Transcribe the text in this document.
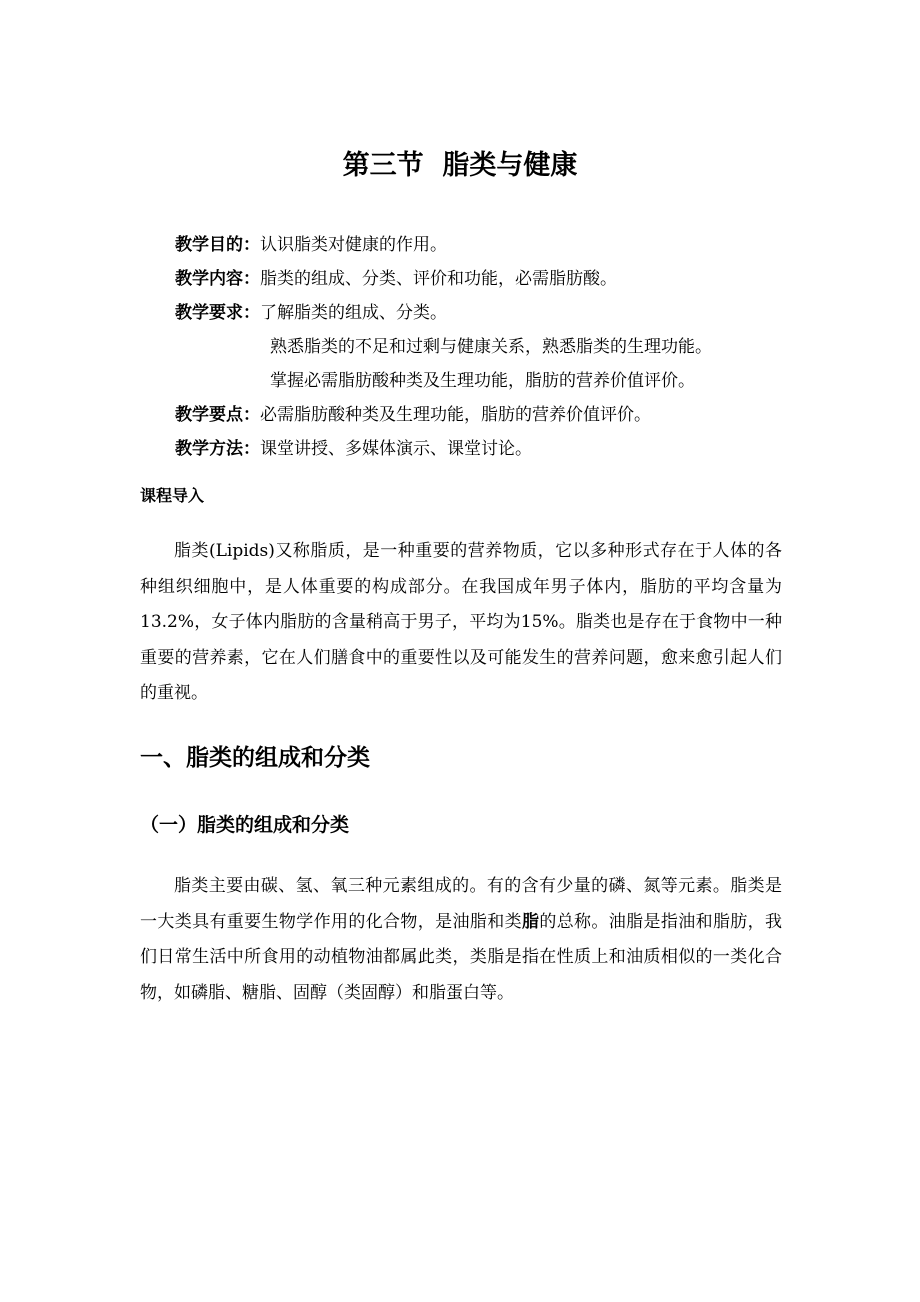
第三节  脂类与健康
教学目的： 认识脂类对健康的作用。
教学内容： 脂类的组成、分类、评价和功能，必需脂肪酸。
教学要求： 了解脂类的组成、分类。
熟悉脂类的不足和过剩与健康关系，熟悉脂类的生理功能。
掌握必需脂肪酸种类及生理功能，脂肪的营养价值评价。
教学要点： 必需脂肪酸种类及生理功能，脂肪的营养价值评价。
教学方法： 课堂讲授、多媒体演示、课堂讨论。
课程导入

脂类(Lipids)又称脂质，是一种重要的营养物质，它以多种形式存在于人体的各种组织细胞中，是人体重要的构成部分。在我国成年男子体内，脂肪的平均含量为13.2%，女子体内脂肪的含量稍高于男子，平均为15%。脂类也是存在于食物中一种重要的营养素，它在人们膳食中的重要性以及可能发生的营养问题，愈来愈引起人们的重视。

一、脂类的组成和分类
（一）脂类的组成和分类

脂类主要由碳、氢、氧三种元素组成的。有的含有少量的磷、氮等元素。脂类是一大类具有重要生物学作用的化合物，是油脂和类脂的总称。油脂是指油和脂肪，我们日常生活中所食用的动植物油都属此类，类脂是指在性质上和油质相似的一类化合物，如磷脂、糖脂、固醇（类固醇）和脂蛋白等。
